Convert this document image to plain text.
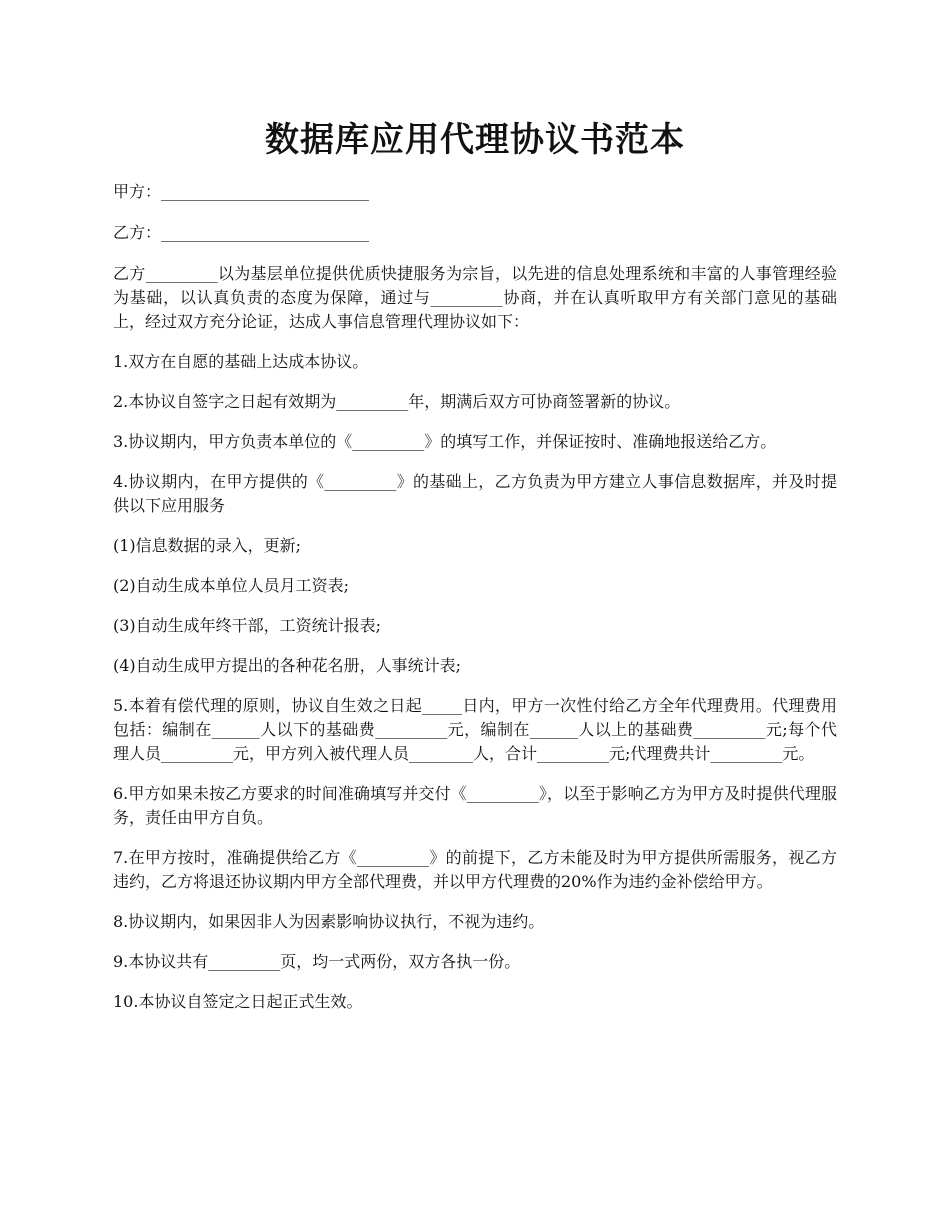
数据库应用代理协议书范本

甲方：__________________________

乙方：__________________________

乙方_________以为基层单位提供优质快捷服务为宗旨，以先进的信息处理系统和丰富的人事管理经验为基础，以认真负责的态度为保障，通过与_________协商，并在认真听取甲方有关部门意见的基础上，经过双方充分论证，达成人事信息管理代理协议如下：

1.双方在自愿的基础上达成本协议。

2.本协议自签字之日起有效期为_________年，期满后双方可协商签署新的协议。

3.协议期内，甲方负责本单位的《_________》的填写工作，并保证按时、准确地报送给乙方。

4.协议期内，在甲方提供的《_________》的基础上，乙方负责为甲方建立人事信息数据库，并及时提供以下应用服务

(1)信息数据的录入，更新;

(2)自动生成本单位人员月工资表;

(3)自动生成年终干部，工资统计报表;

(4)自动生成甲方提出的各种花名册，人事统计表;

5.本着有偿代理的原则，协议自生效之日起_____日内，甲方一次性付给乙方全年代理费用。代理费用包括：编制在______人以下的基础费_________元，编制在______人以上的基础费_________元;每个代理人员_________元，甲方列入被代理人员________人，合计_________元;代理费共计_________元。

6.甲方如果未按乙方要求的时间准确填写并交付《_________》，以至于影响乙方为甲方及时提供代理服务，责任由甲方自负。

7.在甲方按时，准确提供给乙方《_________》的前提下，乙方未能及时为甲方提供所需服务，视乙方违约，乙方将退还协议期内甲方全部代理费，并以甲方代理费的20%作为违约金补偿给甲方。

8.协议期内，如果因非人为因素影响协议执行，不视为违约。

9.本协议共有_________页，均一式两份，双方各执一份。

10.本协议自签定之日起正式生效。
